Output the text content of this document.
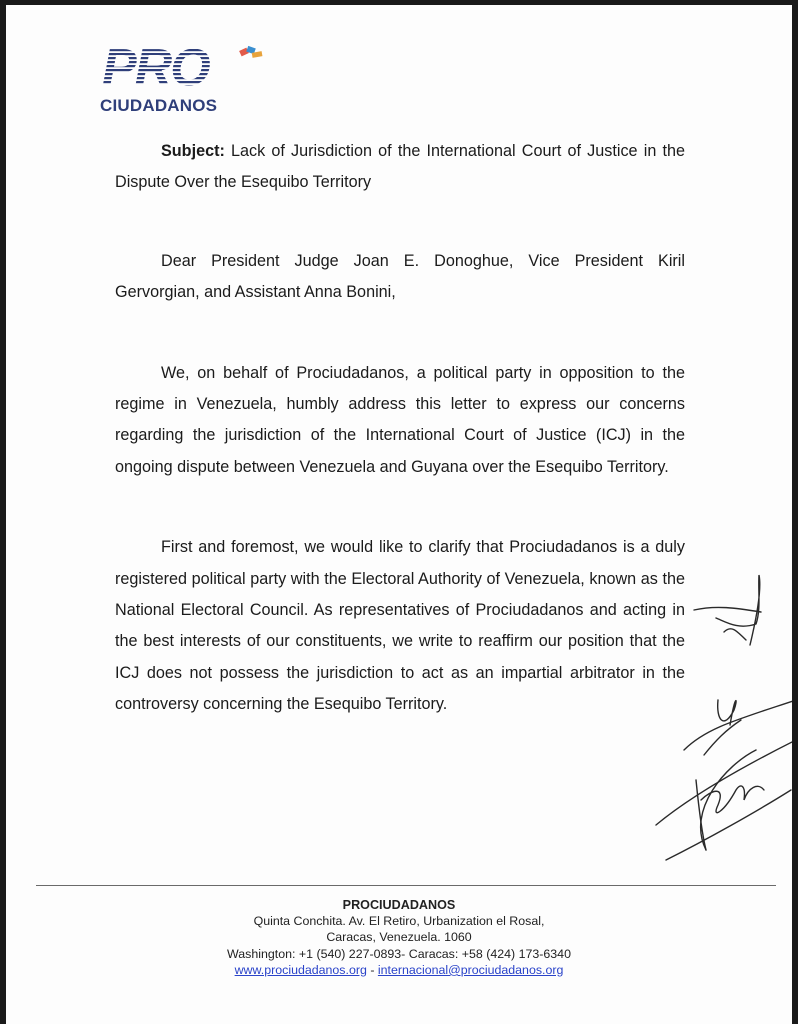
PRO
CIUDADANOS

Subject: Lack of Jurisdiction of the International Court of Justice in the Dispute Over the Esequibo Territory

Dear President Judge Joan E. Donoghue, Vice President Kiril Gervorgian, and Assistant Anna Bonini,

We, on behalf of Prociudadanos, a political party in opposition to the regime in Venezuela, humbly address this letter to express our concerns regarding the jurisdiction of the International Court of Justice (ICJ) in the ongoing dispute between Venezuela and Guyana over the Esequibo Territory.

First and foremost, we would like to clarify that Prociudadanos is a duly registered political party with the Electoral Authority of Venezuela, known as the National Electoral Council. As representatives of Prociudadanos and acting in the best interests of our constituents, we write to reaffirm our position that the ICJ does not possess the jurisdiction to act as an impartial arbitrator in the controversy concerning the Esequibo Territory.

PROCIUDADANOS
Quinta Conchita. Av. El Retiro, Urbanization el Rosal,
Caracas, Venezuela. 1060
Washington: +1 (540) 227-0893- Caracas: +58 (424) 173-6340
www.prociudadanos.org - internacional@prociudadanos.org
